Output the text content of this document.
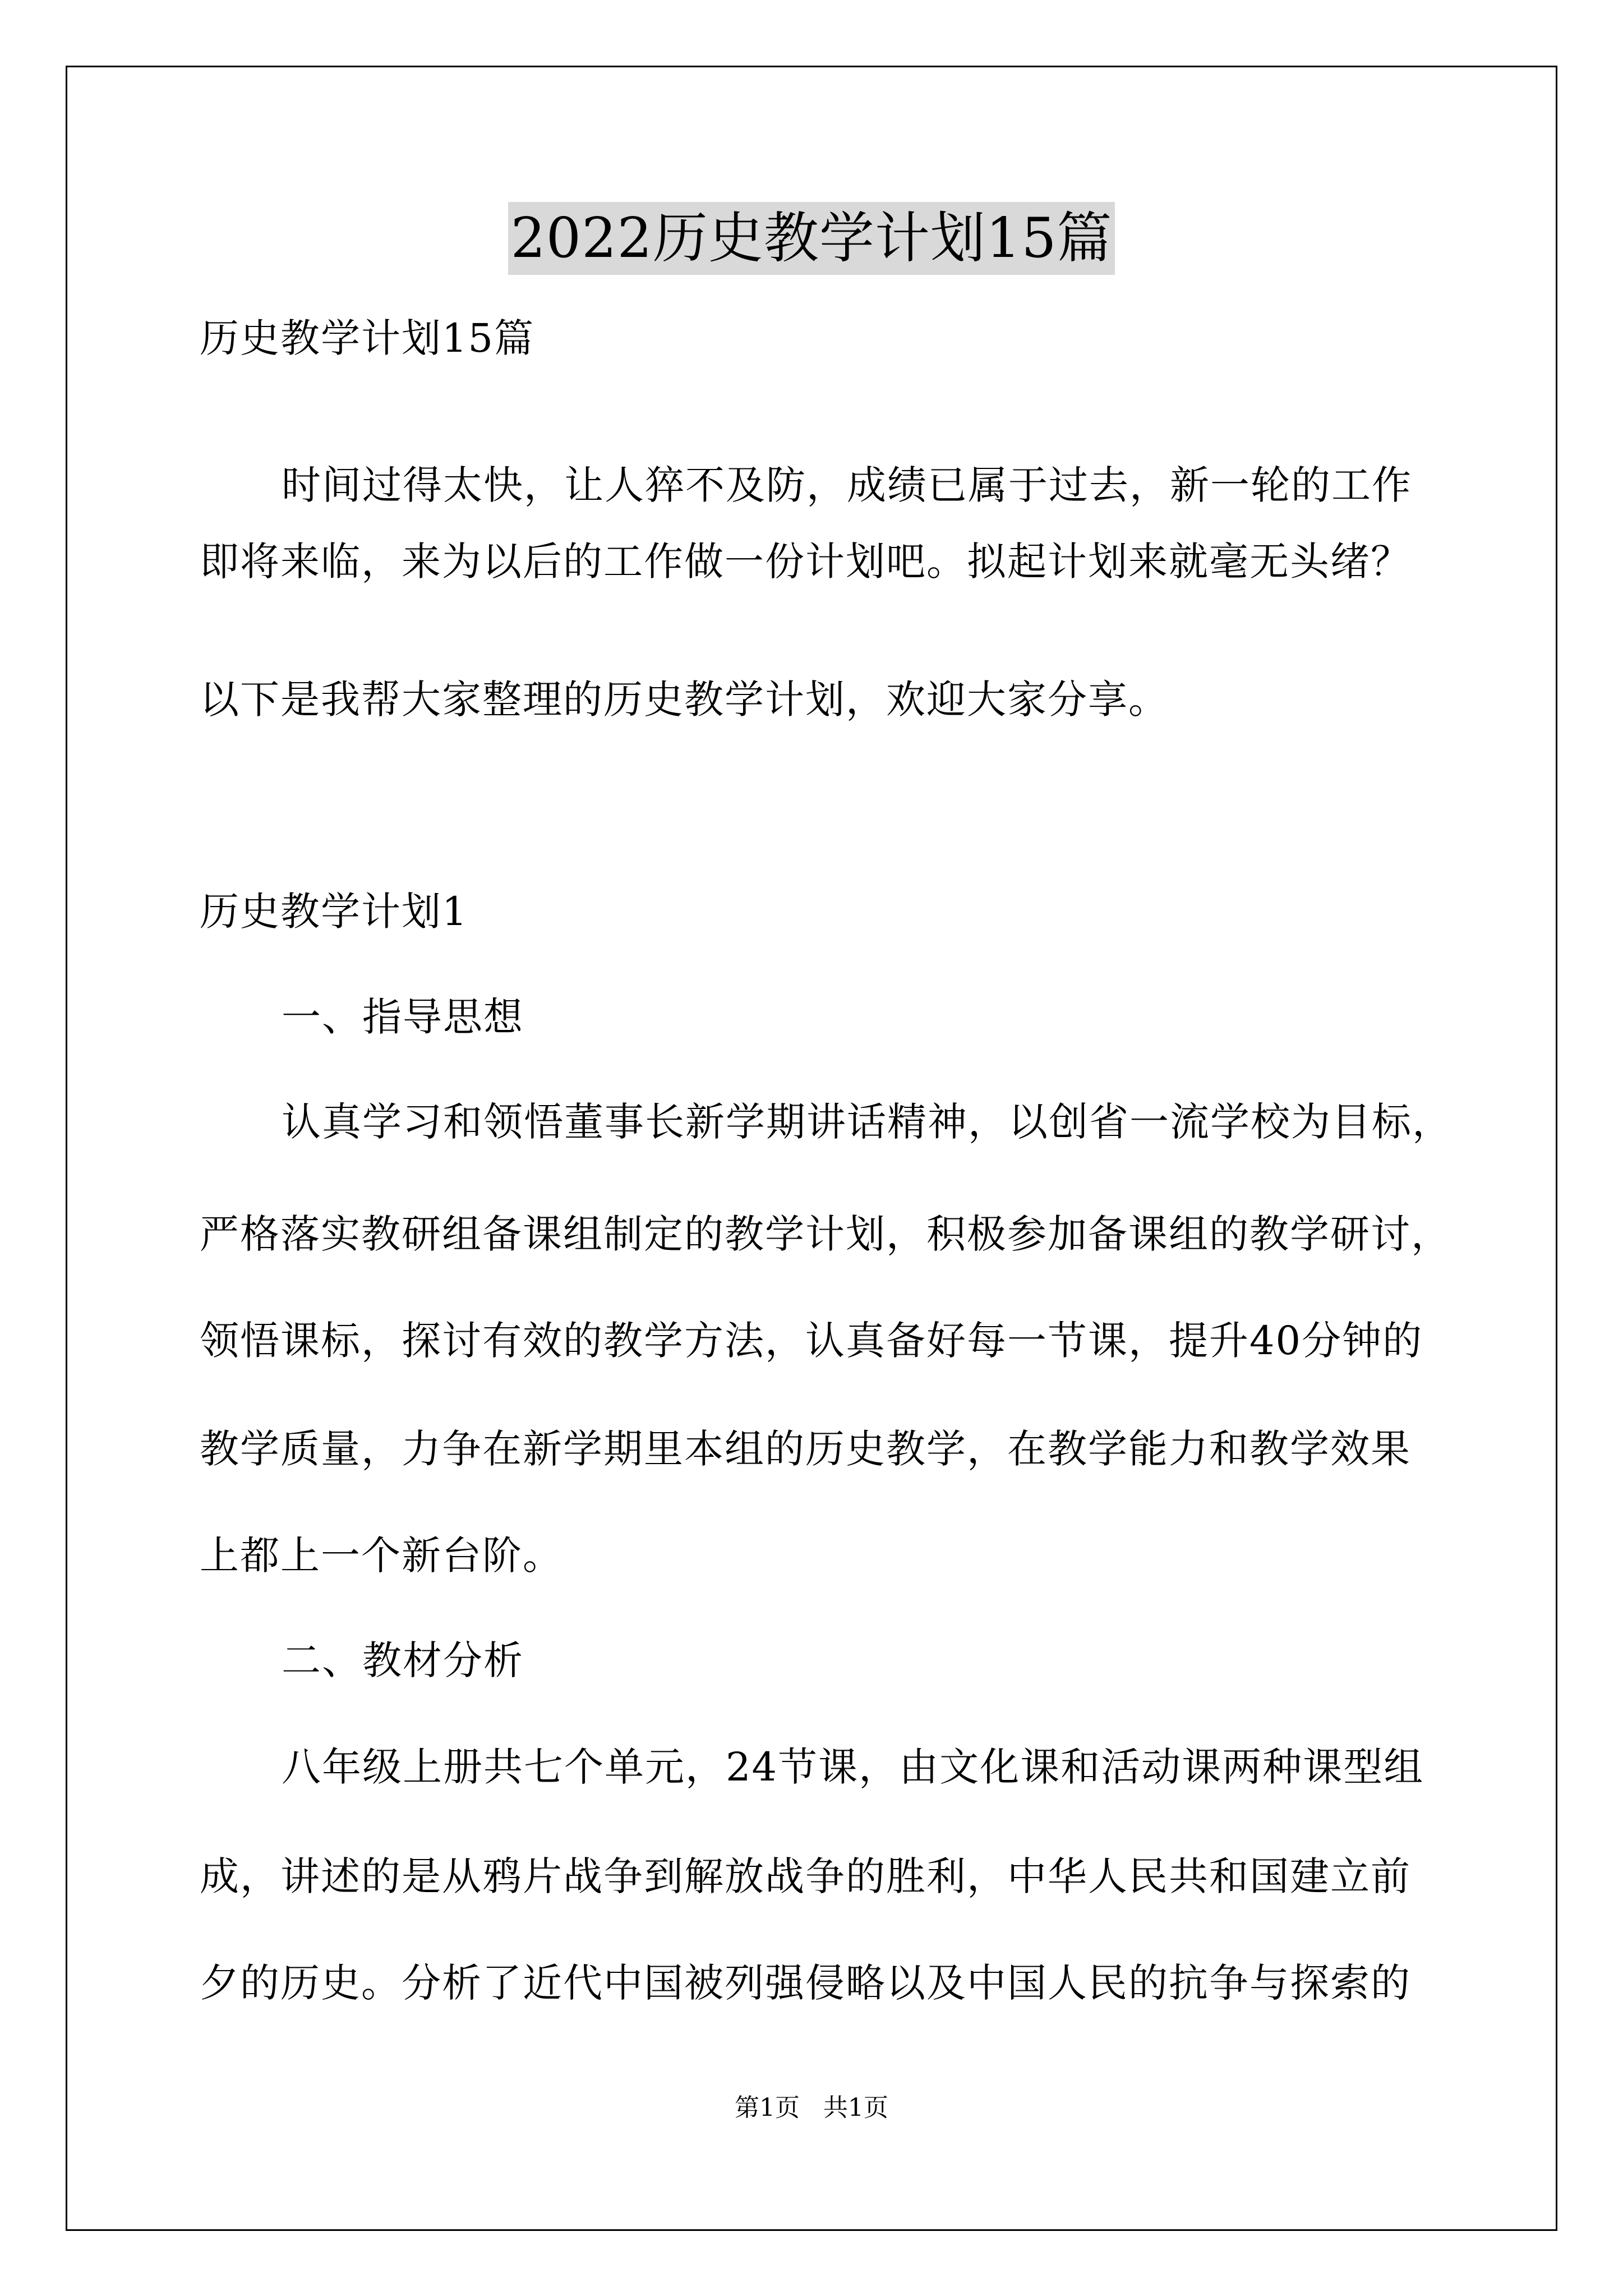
2022历史教学计划15篇
历史教学计划15篇
时间过得太快，让人猝不及防，成绩已属于过去，新一轮的工作
即将来临，来为以后的工作做一份计划吧。拟起计划来就毫无头绪？
以下是我帮大家整理的历史教学计划，欢迎大家分享。
历史教学计划1
一、指导思想
认真学习和领悟董事长新学期讲话精神，以创省一流学校为目标，
严格落实教研组备课组制定的教学计划，积极参加备课组的教学研讨，
领悟课标，探讨有效的教学方法，认真备好每一节课，提升40分钟的
教学质量，力争在新学期里本组的历史教学，在教学能力和教学效果
上都上一个新台阶。
二、教材分析
八年级上册共七个单元，24节课，由文化课和活动课两种课型组
成，讲述的是从鸦片战争到解放战争的胜利，中华人民共和国建立前
夕的历史。分析了近代中国被列强侵略以及中国人民的抗争与探索的
第1页   共1页
